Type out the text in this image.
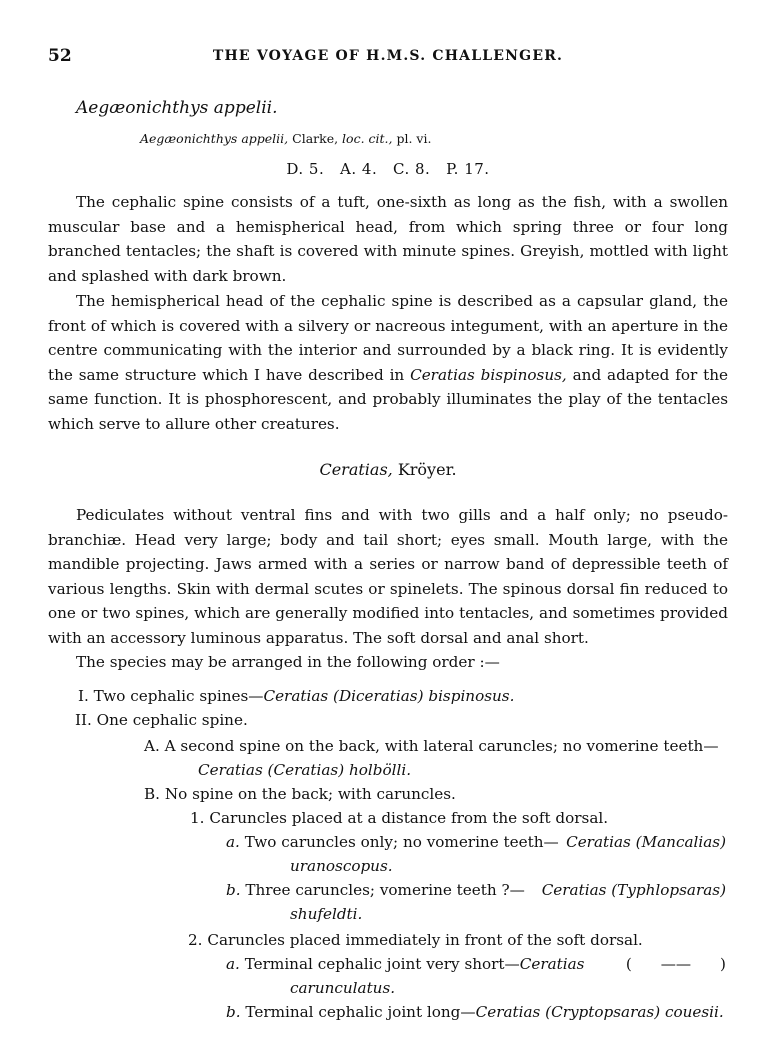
52	THE VOYAGE OF H.M.S. CHALLENGER.
Aegæonichthys appelii.
Aegæonichthys appelii, Clarke, loc. cit., pl. vi.
D. 5.   A. 4.   C. 8.   P. 17.

The cephalic spine consists of a tuft, one-sixth as long as the fish, with a swollen muscular base and a hemispherical head, from which spring three or four long branched tentacles; the shaft is covered with minute spines. Greyish, mottled with light and splashed with dark brown.

The hemispherical head of the cephalic spine is described as a capsular gland, the front of which is covered with a silvery or nacreous integument, with an aperture in the centre communicating with the interior and surrounded by a black ring. It is evidently the same structure which I have described in Ceratias bispinosus, and adapted for the same function. It is phosphorescent, and probably illuminates the play of the tentacles which serve to allure other creatures.

Ceratias, Kröyer.

Pediculates without ventral fins and with two gills and a half only; no pseudo-branchiæ. Head very large; body and tail short; eyes small. Mouth large, with the mandible projecting. Jaws armed with a series or narrow band of depressible teeth of various lengths. Skin with dermal scutes or spinelets. The spinous dorsal fin reduced to one or two spines, which are generally modified into tentacles, and sometimes provided with an accessory luminous apparatus. The soft dorsal and anal short.

The species may be arranged in the following order :—

I. Two cephalic spines—Ceratias (Diceratias) bispinosus.

II. One cephalic spine.

A. A second spine on the back, with lateral caruncles; no vomerine teeth—

Ceratias (Ceratias) holbölli.

B. No spine on the back; with caruncles.

1. Caruncles placed at a distance from the soft dorsal.

a. Two caruncles only; no vomerine teeth— Ceratias (Mancalias)

uranoscopus.

b. Three caruncles; vomerine teeth ?— Ceratias (Typhlopsaras)

shufeldti.

2. Caruncles placed immediately in front of the soft dorsal.

a. Terminal cephalic joint very short—Ceratias	(      ——      )

carunculatus.

b. Terminal cephalic joint long—Ceratias (Cryptopsaras) couesii.
